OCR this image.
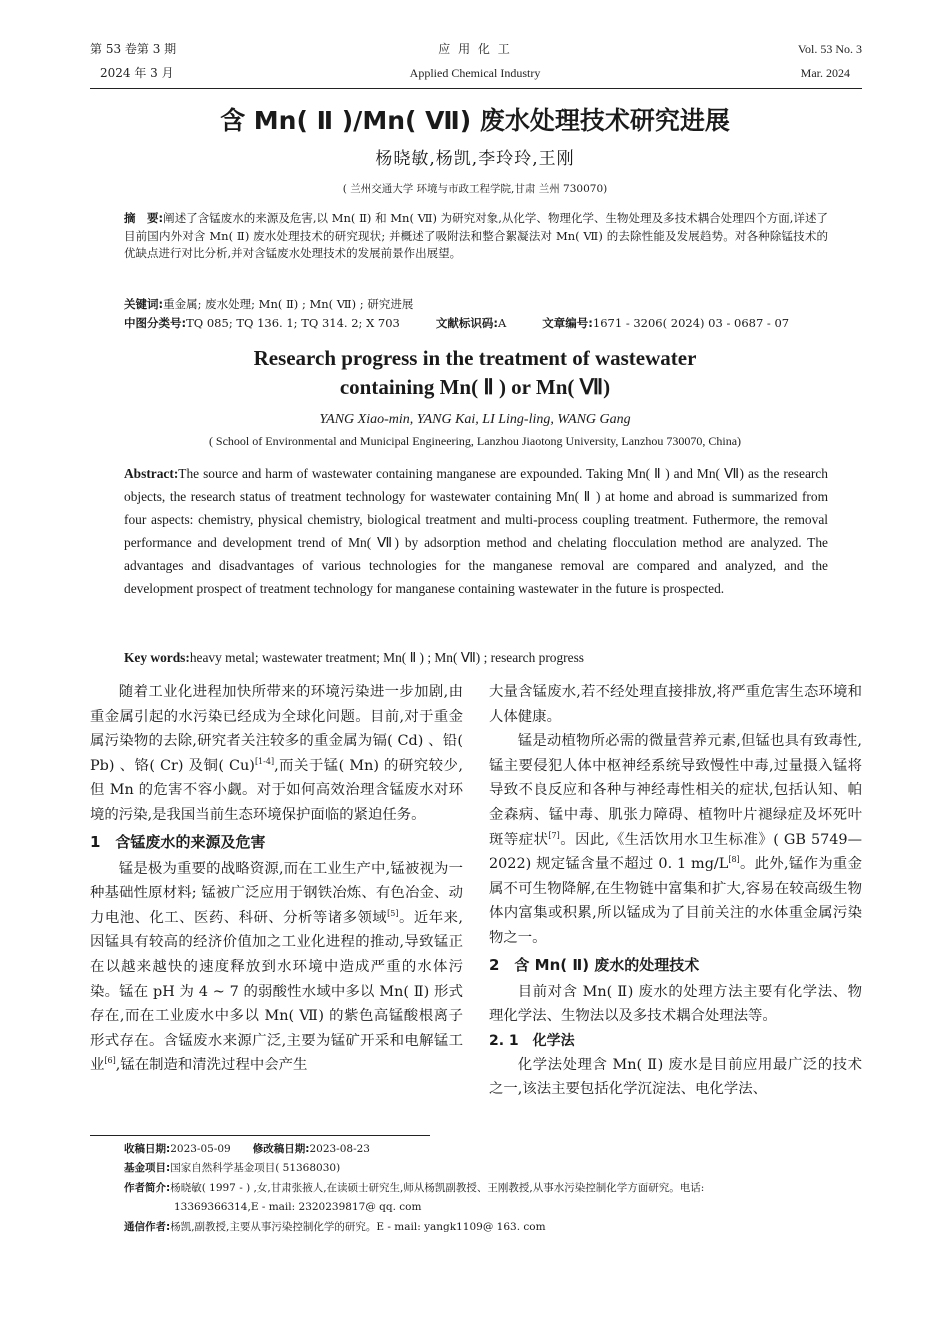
第 53 卷第 3 期
2024 年 3 月
应 用 化 工
Applied Chemical Industry
Vol. 53 No. 3
Mar. 2024
含 Mn( Ⅱ )/Mn( Ⅶ) 废水处理技术研究进展
杨晓敏,杨凯,李玲玲,王刚
( 兰州交通大学 环境与市政工程学院,甘肃 兰州 730070)
摘　要:阐述了含锰废水的来源及危害,以 Mn( Ⅱ) 和 Mn( Ⅶ) 为研究对象,从化学、物理化学、生物处理及多技术耦合处理四个方面,详述了目前国内外对含 Mn( Ⅱ) 废水处理技术的研究现状; 并概述了吸附法和整合絮凝法对 Mn( Ⅶ) 的去除性能及发展趋势。对各种除锰技术的优缺点进行对比分析,并对含锰废水处理技术的发展前景作出展望。
关键词:重金属; 废水处理; Mn( Ⅱ) ; Mn( Ⅶ) ; 研究进展
中图分类号:TQ 085; TQ 136. 1; TQ 314. 2; X 703	文献标识码:A	文章编号:1671 - 3206( 2024) 03 - 0687 - 07
Research progress in the treatment of wastewater
containing Mn( Ⅱ ) or Mn( Ⅶ)
YANG Xiao-min, YANG Kai, LI Ling-ling, WANG Gang
( School of Environmental and Municipal Engineering, Lanzhou Jiaotong University, Lanzhou 730070, China)
Abstract:The source and harm of wastewater containing manganese are expounded. Taking Mn( Ⅱ ) and Mn( Ⅶ) as the research objects, the research status of treatment technology for wastewater containing Mn( Ⅱ ) at home and abroad is summarized from four aspects: chemistry, physical chemistry, biological treatment and multi-process coupling treatment. Futhermore, the removal performance and development trend of Mn( Ⅶ) by adsorption method and chelating flocculation method are analyzed. The advantages and disadvantages of various technologies for the manganese removal are compared and analyzed, and the development prospect of treatment technology for manganese containing wastewater in the future is prospected.
Key words:heavy metal; wastewater treatment; Mn( Ⅱ ) ; Mn( Ⅶ) ; research progress

随着工业化进程加快所带来的环境污染进一步加剧,由重金属引起的水污染已经成为全球化问题。目前,对于重金属污染物的去除,研究者关注较多的重金属为镉( Cd) 、铅( Pb) 、铬( Cr) 及铜( Cu)[1-4],而关于锰( Mn) 的研究较少,但 Mn 的危害不容小觑。对于如何高效治理含锰废水对环境的污染,是我国当前生态环境保护面临的紧迫任务。

1　含锰废水的来源及危害

锰是极为重要的战略资源,而在工业生产中,锰被视为一种基础性原材料; 锰被广泛应用于钢铁冶炼、有色冶金、动力电池、化工、医药、科研、分析等诸多领域[5]。近年来,因锰具有较高的经济价值加之工业化进程的推动,导致锰正在以越来越快的速度释放到水环境中造成严重的水体污染。锰在 pH 为 4 ~ 7 的弱酸性水域中多以 Mn( Ⅱ) 形式存在,而在工业废水中多以 Mn( Ⅶ) 的紫色高锰酸根离子形式存在。含锰废水来源广泛,主要为锰矿开采和电解锰工业[6],锰在制造和清洗过程中会产生

大量含锰废水,若不经处理直接排放,将严重危害生态环境和人体健康。

锰是动植物所必需的微量营养元素,但锰也具有致毒性,锰主要侵犯人体中枢神经系统导致慢性中毒,过量摄入锰将导致不良反应和各种与神经毒性相关的症状,包括认知、帕金森病、锰中毒、肌张力障碍、植物叶片褪绿症及坏死叶斑等症状[7]。因此,《生活饮用水卫生标准》( GB 5749—2022) 规定锰含量不超过 0. 1 mg/L[8]。此外,锰作为重金属不可生物降解,在生物链中富集和扩大,容易在较高级生物体内富集或积累,所以锰成为了目前关注的水体重金属污染物之一。

2　含 Mn( Ⅱ) 废水的处理技术

目前对含 Mn( Ⅱ) 废水的处理方法主要有化学法、物理化学法、生物法以及多技术耦合处理法等。

2. 1　化学法

化学法处理含 Mn( Ⅱ) 废水是目前应用最广泛的技术之一,该法主要包括化学沉淀法、电化学法、

收稿日期:2023-05-09 修改稿日期:2023-08-23
基金项目:国家自然科学基金项目( 51368030)
作者简介:杨晓敏( 1997 - ) ,女,甘肃张掖人,在读硕士研究生,师从杨凯副教授、王刚教授,从事水污染控制化学方面研究。电话:
13369366314,E - mail: 2320239817@ qq. com
通信作者:杨凯,副教授,主要从事污染控制化学的研究。E - mail: yangk1109@ 163. com
